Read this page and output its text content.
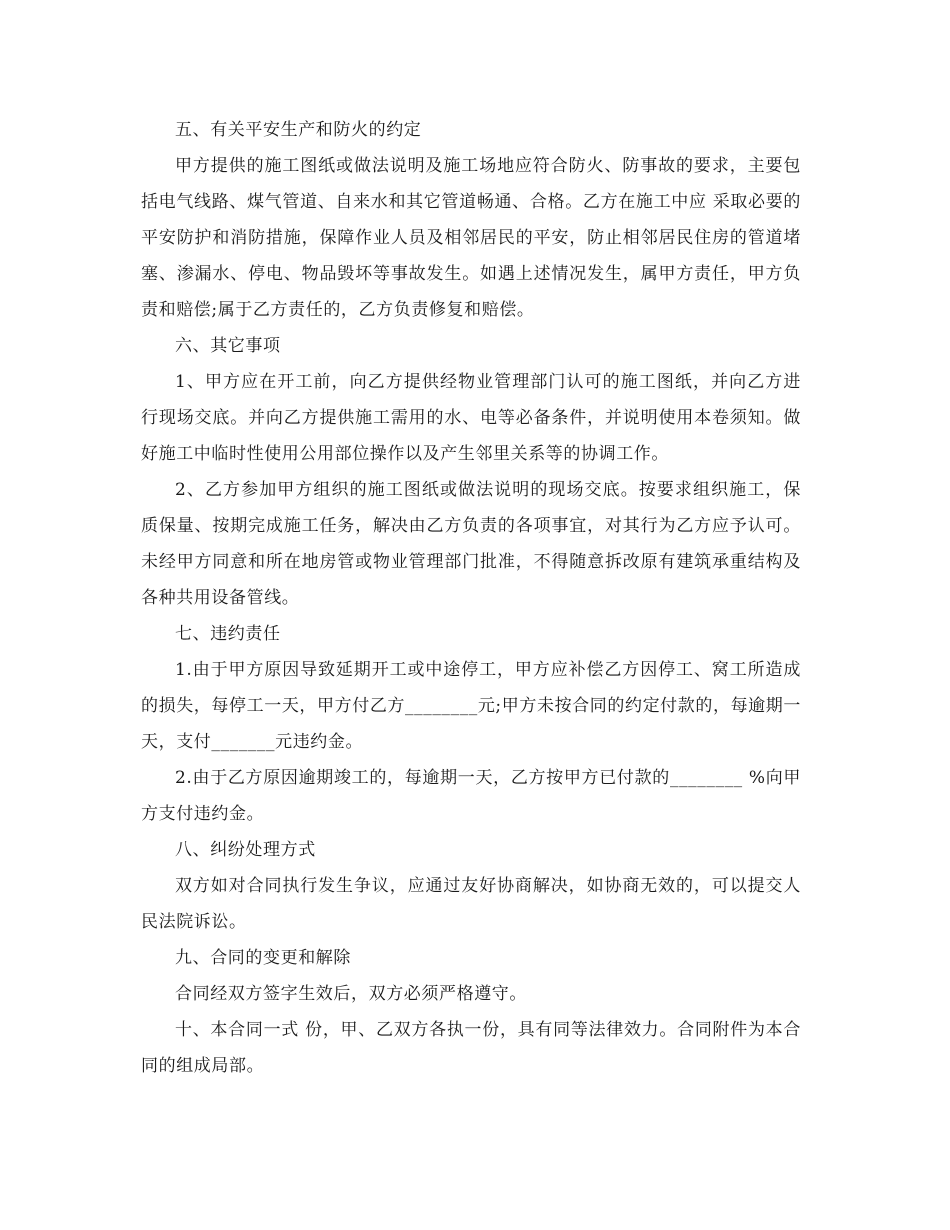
五、有关平安生产和防火的约定

甲方提供的施工图纸或做法说明及施工场地应符合防火、防事故的要求，主要包括电气线路、煤气管道、自来水和其它管道畅通、合格。乙方在施工中应 采取必要的平安防护和消防措施，保障作业人员及相邻居民的平安，防止相邻居民住房的管道堵塞、渗漏水、停电、物品毁坏等事故发生。如遇上述情况发生，属甲方责任，甲方负责和赔偿;属于乙方责任的，乙方负责修复和赔偿。

六、其它事项

1、甲方应在开工前，向乙方提供经物业管理部门认可的施工图纸，并向乙方进行现场交底。并向乙方提供施工需用的水、电等必备条件，并说明使用本卷须知。做好施工中临时性使用公用部位操作以及产生邻里关系等的协调工作。

2、乙方参加甲方组织的施工图纸或做法说明的现场交底。按要求组织施工，保质保量、按期完成施工任务，解决由乙方负责的各项事宜，对其行为乙方应予认可。未经甲方同意和所在地房管或物业管理部门批准，不得随意拆改原有建筑承重结构及各种共用设备管线。

七、违约责任

1.由于甲方原因导致延期开工或中途停工，甲方应补偿乙方因停工、窝工所造成的损失，每停工一天，甲方付乙方________元;甲方未按合同的约定付款的，每逾期一天，支付_______元违约金。

2.由于乙方原因逾期竣工的，每逾期一天，乙方按甲方已付款的________ %向甲方支付违约金。

八、纠纷处理方式

双方如对合同执行发生争议，应通过友好协商解决，如协商无效的，可以提交人民法院诉讼。

九、合同的变更和解除

合同经双方签字生效后，双方必须严格遵守。

十、本合同一式 份，甲、乙双方各执一份，具有同等法律效力。合同附件为本合同的组成局部。
